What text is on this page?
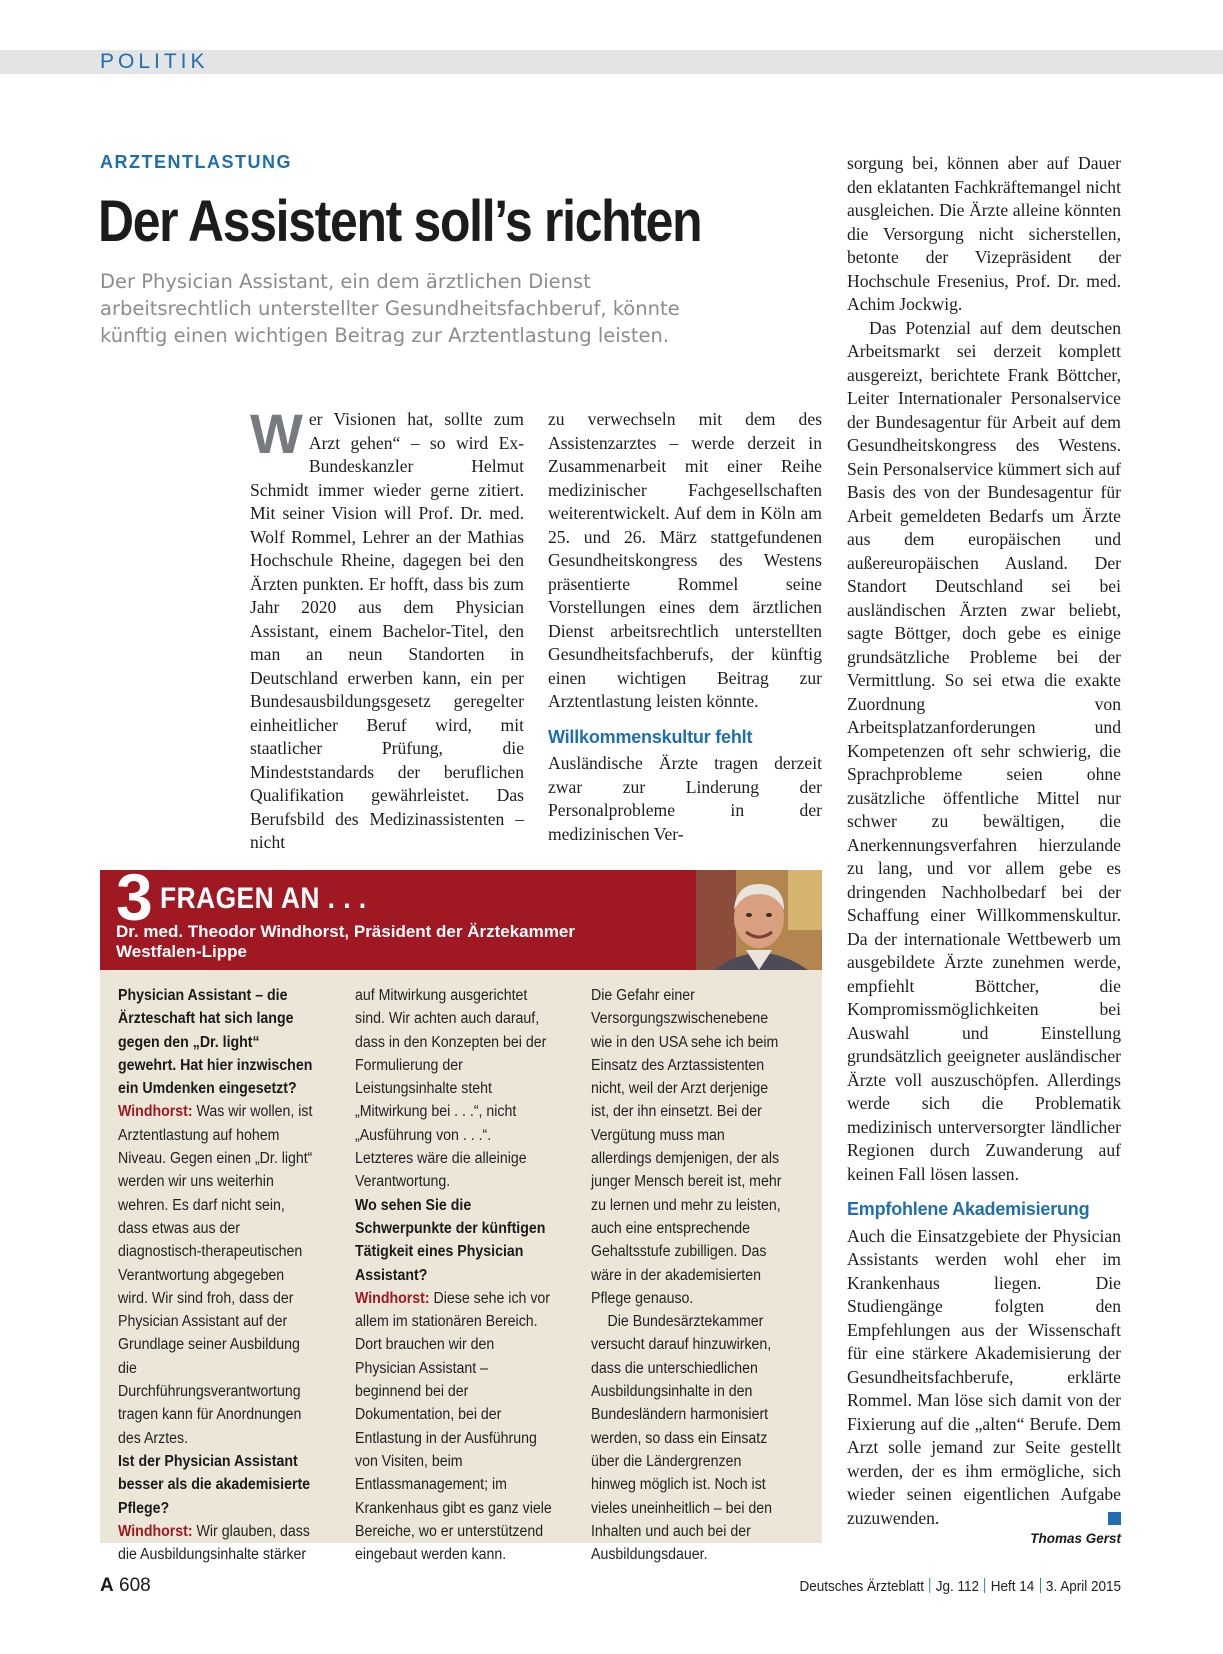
POLITIK
ARZTENTLASTUNG
Der Assistent soll’s richten
Der Physician Assistant, ein dem ärztlichen Dienst
arbeitsrechtlich unterstellter Gesundheitsfachberuf, könnte
künftig einen wichtigen Beitrag zur Arztentlastung leisten.
W er Visionen hat, sollte zum Arzt gehen“ – so wird Ex-Bundeskanzler Helmut Schmidt immer wieder gerne zitiert. Mit seiner Vision will Prof. Dr. med. Wolf Rommel, Lehrer an der Mathias Hochschule Rheine, dagegen bei den Ärzten punkten. Er hofft, dass bis zum Jahr 2020 aus dem Physician Assistant, einem Bachelor-Titel, den man an neun Standorten in Deutschland erwerben kann, ein per Bundesausbildungsgesetz geregelter einheitlicher Beruf wird, mit staatlicher Prüfung, die Mindeststandards der beruflichen Qualifikation gewährleistet. Das Berufsbild des Medizinassistenten – nicht

zu verwechseln mit dem des Assistenzarztes – werde derzeit in Zusammenarbeit mit einer Reihe medizinischer Fachgesellschaften weiterentwickelt. Auf dem in Köln am 25. und 26. März stattgefundenen Gesundheitskongress des Westens präsentierte Rommel seine Vorstellungen eines dem ärztlichen Dienst arbeitsrechtlich unterstellten Gesundheitsfachberufs, der künftig einen wichtigen Beitrag zur Arztentlastung leisten könnte.

Willkommenskultur fehlt

Ausländische Ärzte tragen derzeit zwar zur Linderung der Personalprobleme in der medizinischen Ver-

sorgung bei, können aber auf Dauer den eklatanten Fachkräftemangel nicht ausgleichen. Die Ärzte alleine könnten die Versorgung nicht sicherstellen, betonte der Vizepräsident der Hochschule Fresenius, Prof. Dr. med. Achim Jockwig.

Das Potenzial auf dem deutschen Arbeitsmarkt sei derzeit komplett ausgereizt, berichtete Frank Böttcher, Leiter Internationaler Personalservice der Bundesagentur für Arbeit auf dem Gesundheitskongress des Westens. Sein Personalservice kümmert sich auf Basis des von der Bundesagentur für Arbeit gemeldeten Bedarfs um Ärzte aus dem europäischen und außereuropäischen Ausland. Der Standort Deutschland sei bei ausländischen Ärzten zwar beliebt, sagte Böttger, doch gebe es einige grundsätzliche Probleme bei der Vermittlung. So sei etwa die exakte Zuordnung von Arbeitsplatzanforderungen und Kompetenzen oft sehr schwierig, die Sprachprobleme seien ohne zusätzliche öffentliche Mittel nur schwer zu bewältigen, die Anerkennungsverfahren hierzulande zu lang, und vor allem gebe es dringenden Nachholbedarf bei der Schaffung einer Willkommenskultur. Da der internationale Wettbewerb um ausgebildete Ärzte zunehmen werde, empfiehlt Böttcher, die Kompromissmöglichkeiten bei Auswahl und Einstellung grundsätzlich geeigneter ausländischer Ärzte voll auszuschöpfen. Allerdings werde sich die Problematik medizinisch unterversorgter ländlicher Regionen durch Zuwanderung auf keinen Fall lösen lassen.

Empfohlene Akademisierung

Auch die Einsatzgebiete der Physician Assistants werden wohl eher im Krankenhaus liegen. Die Studiengänge folgten den Empfehlungen aus der Wissenschaft für eine stärkere Akademisierung der Gesundheitsfachberufe, erklärte Rommel. Man löse sich damit von der Fixierung auf die „alten“ Berufe. Dem Arzt solle jemand zur Seite gestellt werden, der es ihm ermögliche, sich wieder seinen eigentlichen Aufgabe zuzuwenden.

Thomas Gerst
3 FRAGEN AN . . .
Dr. med. Theodor Windhorst, Präsident der Ärztekammer Westfalen-Lippe

Physician Assistant – die Ärzteschaft hat sich lange gegen den „Dr. light“ gewehrt. Hat hier inzwischen ein Umdenken eingesetzt?

Windhorst: Was wir wollen, ist Arztentlastung auf hohem Niveau. Gegen einen „Dr. light“ werden wir uns weiterhin wehren. Es darf nicht sein, dass etwas aus der diagnostisch-therapeutischen Verantwortung abgegeben wird. Wir sind froh, dass der Physician Assistant auf der Grundlage seiner Ausbildung die Durchführungsverantwortung tragen kann für Anordnungen des Arztes.

Ist der Physician Assistant besser als die akademisierte Pflege?

Windhorst: Wir glauben, dass die Ausbildungsinhalte stärker

auf Mitwirkung ausgerichtet sind. Wir achten auch darauf, dass in den Konzepten bei der Formulierung der Leistungsinhalte steht „Mitwirkung bei . . .“, nicht „Ausführung von . . .“. Letzteres wäre die alleinige Verantwortung.

Wo sehen Sie die Schwerpunkte der künftigen Tätigkeit eines Physician Assistant?

Windhorst: Diese sehe ich vor allem im stationären Bereich. Dort brauchen wir den Physician Assistant – beginnend bei der Dokumentation, bei der Entlastung in der Ausführung von Visiten, beim Entlassmanagement; im Krankenhaus gibt es ganz viele Bereiche, wo er unterstützend eingebaut werden kann.

Die Gefahr einer Versorgungszwischenebene wie in den USA sehe ich beim Einsatz des Arztassistenten nicht, weil der Arzt derjenige ist, der ihn einsetzt. Bei der Vergütung muss man allerdings demjenigen, der als junger Mensch bereit ist, mehr zu lernen und mehr zu leisten, auch eine entsprechende Gehaltsstufe zubilligen. Das wäre in der akademisierten Pflege genauso.

Die Bundesärztekammer versucht darauf hinzuwirken, dass die unterschiedlichen Ausbildungsinhalte in den Bundesländern harmonisiert werden, so dass ein Einsatz über die Ländergrenzen hinweg möglich ist. Noch ist vieles uneinheitlich – bei den Inhalten und auch bei der Ausbildungsdauer.

A 608	Deutsches Ärzteblatt Jg. 112 Heft 14 3. April 2015
